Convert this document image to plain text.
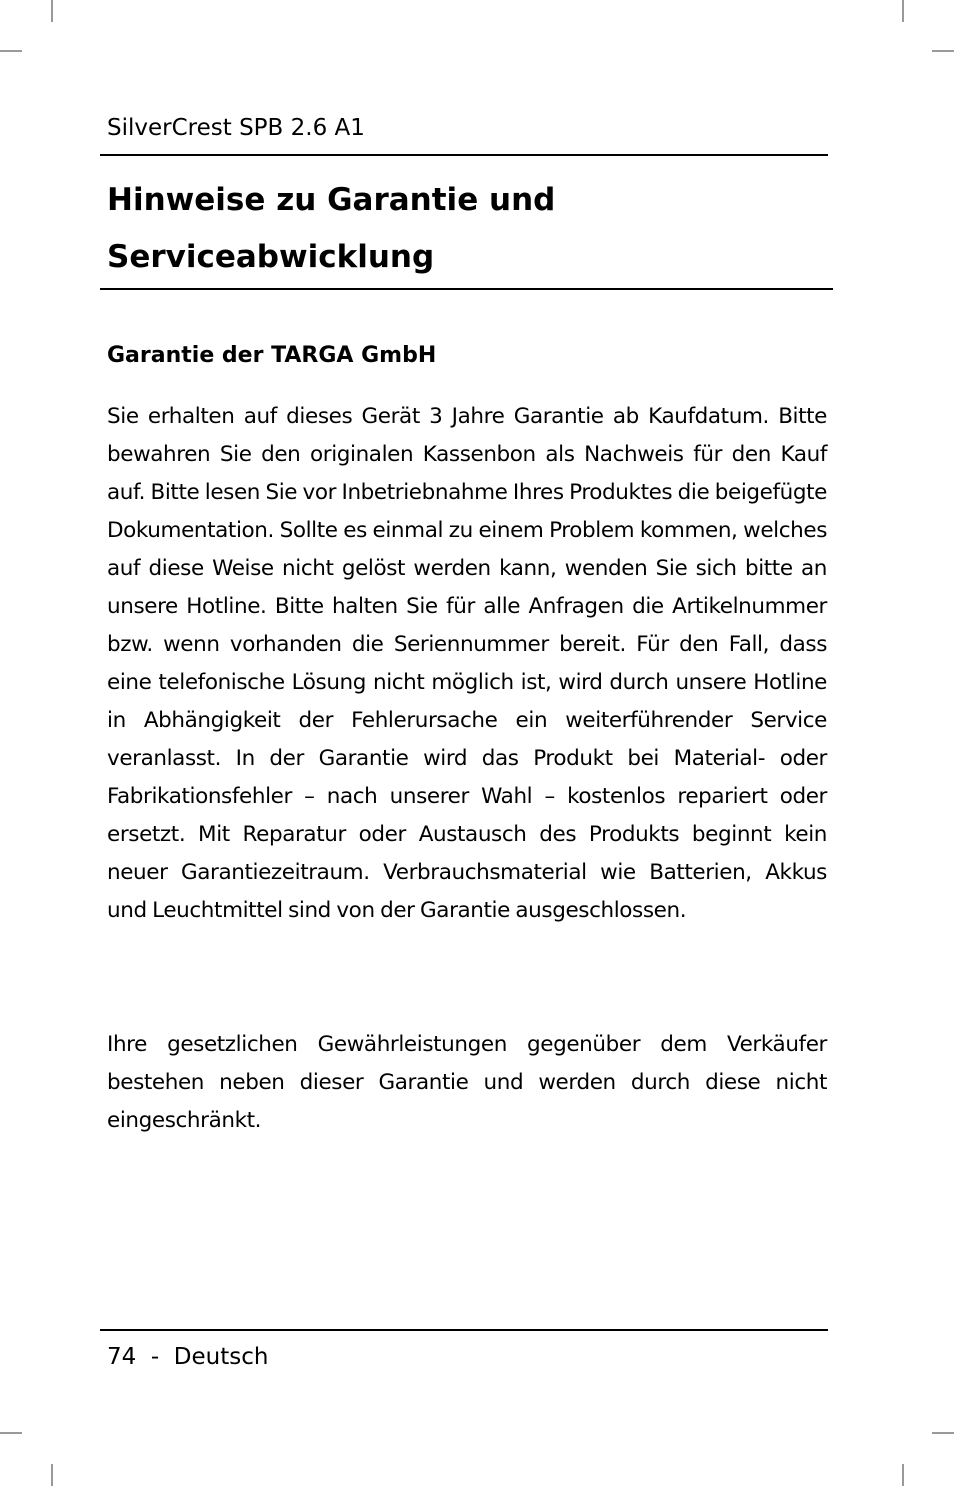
SilverCrest SPB 2.6 A1
Hinweise zu Garantie und Serviceabwicklung
Garantie der TARGA GmbH

Sie erhalten auf dieses Gerät 3 Jahre Garantie ab Kaufdatum. Bitte bewahren Sie den originalen Kassenbon als Nachweis für den Kauf auf. Bitte lesen Sie vor Inbetriebnahme Ihres Produktes die beigefügte Dokumentation. Sollte es einmal zu einem Problem kommen, welches auf diese Weise nicht gelöst werden kann, wenden Sie sich bitte an unsere Hotline. Bitte halten Sie für alle Anfragen die Artikelnummer bzw. wenn vorhanden die Seriennummer bereit. Für den Fall, dass eine telefonische Lösung nicht möglich ist, wird durch unsere Hotline in Abhängigkeit der Fehlerursache ein weiterführender Service veranlasst. In der Garantie wird das Produkt bei Material- oder Fabrikationsfehler – nach unserer Wahl – kostenlos repariert oder ersetzt. Mit Reparatur oder Austausch des Produkts beginnt kein neuer Garantiezeitraum. Verbrauchsmaterial wie Batterien, Akkus und Leuchtmittel sind von der Garantie ausgeschlossen.

Ihre gesetzlichen Gewährleistungen gegenüber dem Verkäufer bestehen neben dieser Garantie und werden durch diese nicht eingeschränkt.

74  -  Deutsch
